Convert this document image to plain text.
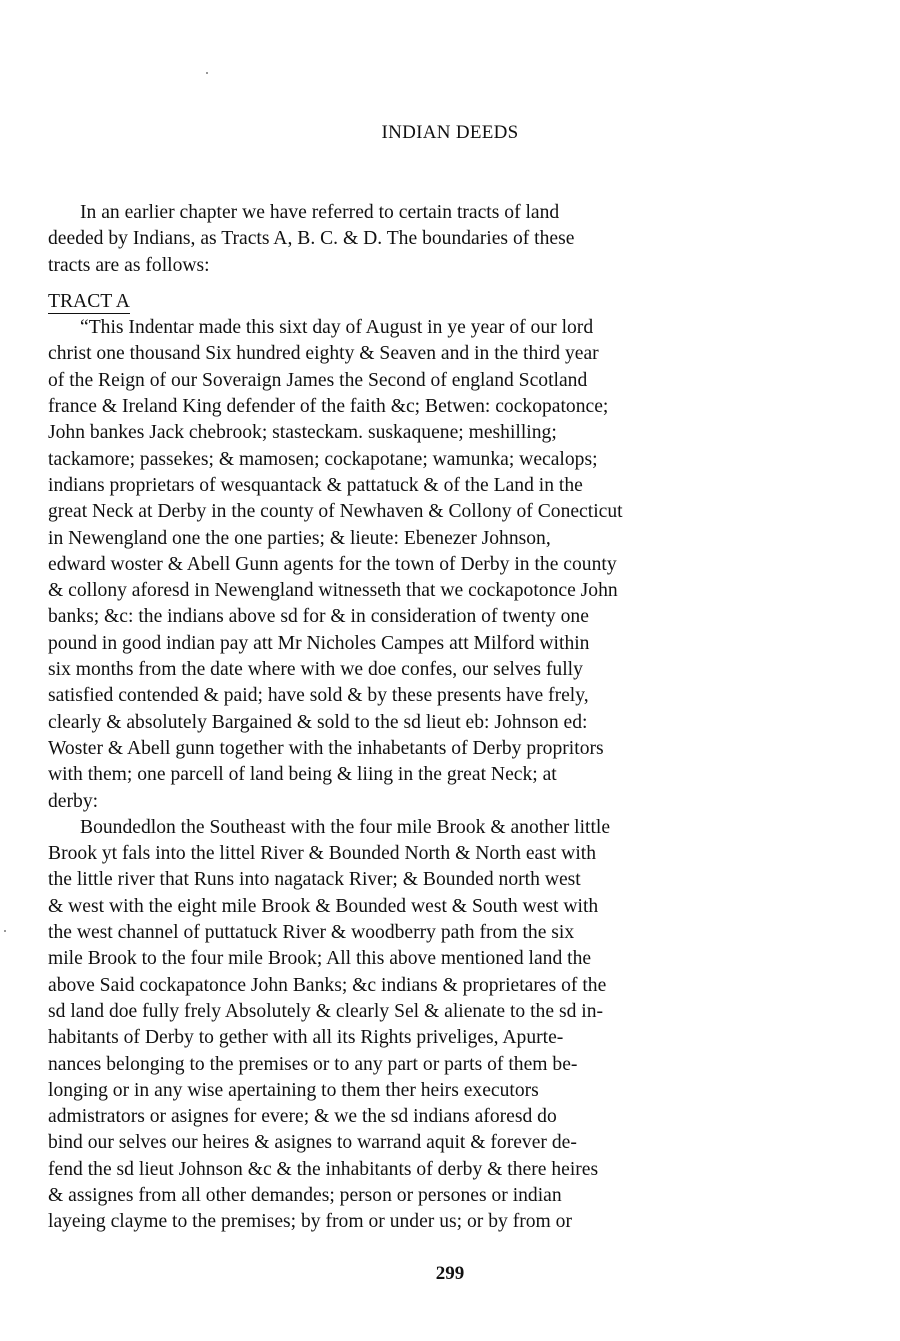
INDIAN DEEDS
In an earlier chapter we have referred to certain tracts of land
deeded by Indians, as Tracts A, B. C. & D. The boundaries of these
tracts are as follows:
TRACT A
“This Indentar made this sixt day of August in ye year of our lord
christ one thousand Six hundred eighty & Seaven and in the third year
of the Reign of our Soveraign James the Second of england Scotland
france & Ireland King defender of the faith &c; Betwen: cockopatonce;
John bankes Jack chebrook; stasteckam. suskaquene; meshilling;
tackamore; passekes; & mamosen; cockapotane; wamunka; wecalops;
indians proprietars of wesquantack & pattatuck & of the Land in the
great Neck at Derby in the county of Newhaven & Collony of Conecticut
in Newengland one the one parties; & lieute: Ebenezer Johnson,
edward woster & Abell Gunn agents for the town of Derby in the county
& collony aforesd in Newengland witnesseth that we cockapotonce John
banks; &c: the indians above sd for & in consideration of twenty one
pound in good indian pay att Mr Nicholes Campes att Milford within
six months from the date where with we doe confes, our selves fully
satisfied contended & paid; have sold & by these presents have frely,
clearly & absolutely Bargained & sold to the sd lieut eb: Johnson ed:
Woster & Abell gunn together with the inhabetants of Derby propritors
with them; one parcell of land being & liing in the great Neck; at
derby:
Boundedlon the Southeast with the four mile Brook & another little
Brook yt fals into the littel River & Bounded North & North east with
the little river that Runs into nagatack River; & Bounded north west
& west with the eight mile Brook & Bounded west & South west with
the west channel of puttatuck River & woodberry path from the six
mile Brook to the four mile Brook; All this above mentioned land the
above Said cockapatonce John Banks; &c indians & proprietares of the
sd land doe fully frely Absolutely & clearly Sel & alienate to the sd in-
habitants of Derby to gether with all its Rights priveliges, Apurte-
nances belonging to the premises or to any part or parts of them be-
longing or in any wise apertaining to them ther heirs executors
admistrators or asignes for evere; & we the sd indians aforesd do
bind our selves our heires & asignes to warrand aquit & forever de-
fend the sd lieut Johnson &c & the inhabitants of derby & there heires
& assignes from all other demandes; person or persones or indian
layeing clayme to the premises; by from or under us; or by from or
299
